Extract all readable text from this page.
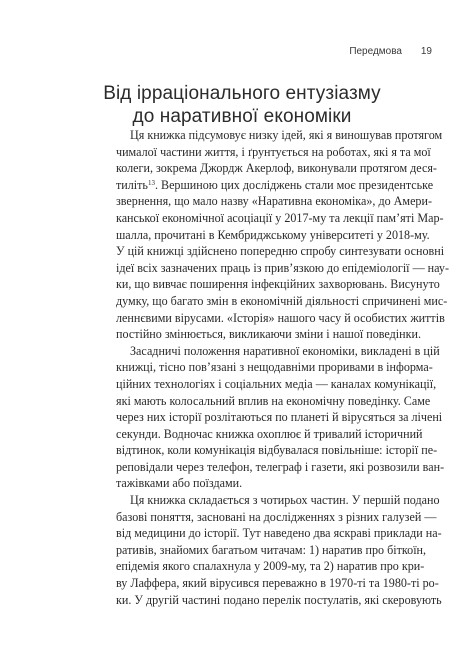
Передмова 19
Від ірраціонального ентузіазму
до наративної економіки
Ця книжка підсумовує низку ідей, які я виношував протягом
чималої частини життя, і ґрунтується на роботах, які я та мої
колеги, зокрема Джордж Акерлоф, виконували протягом деся-
тиліть$^{13}$. Вершиною цих досліджень стали моє президентське
звернення, що мало назву «Наративна економіка», до Амери-
канської економічної асоціації у 2017-му та лекції пам’яті Мар-
шалла, прочитані в Кембриджському університеті у 2018-му.
У цій книжці здійснено попередню спробу синтезувати основні
ідеї всіх зазначених праць із прив’язкою до епідеміології — нау-
ки, що вивчає поширення інфекційних захворювань. Висунуто
думку, що багато змін в економічній діяльності спричинені мис-
леннєвими вірусами. «Історія» нашого часу й особистих життів
постійно змінюється, викликаючи зміни і нашої поведінки.
Засадничі положення наративної економіки, викладені в цій
книжці, тісно пов’язані з нещодавніми проривами в інформа-
ційних технологіях і соціальних медіа — каналах комунікації,
які мають колосальний вплив на економічну поведінку. Саме
через них історії розлітаються по планеті й вірусяться за лічені
секунди. Водночас книжка охоплює й тривалий історичний
відтинок, коли комунікація відбувалася повільніше: історії пе-
реповідали через телефон, телеграф і газети, які розвозили ван-
тажівками або поїздами.
Ця книжка складається з чотирьох частин. У першій подано
базові поняття, засновані на дослідженнях з різних галузей —
від медицини до історії. Тут наведено два яскраві приклади на-
ративів, знайомих багатьом читачам: 1) наратив про біткоїн,
епідемія якого спалахнула у 2009-му, та 2) наратив про кри-
ву Лаффера, який вірусився переважно в 1970-ті та 1980-ті ро-
ки. У другій частині подано перелік постулатів, які скеровують
